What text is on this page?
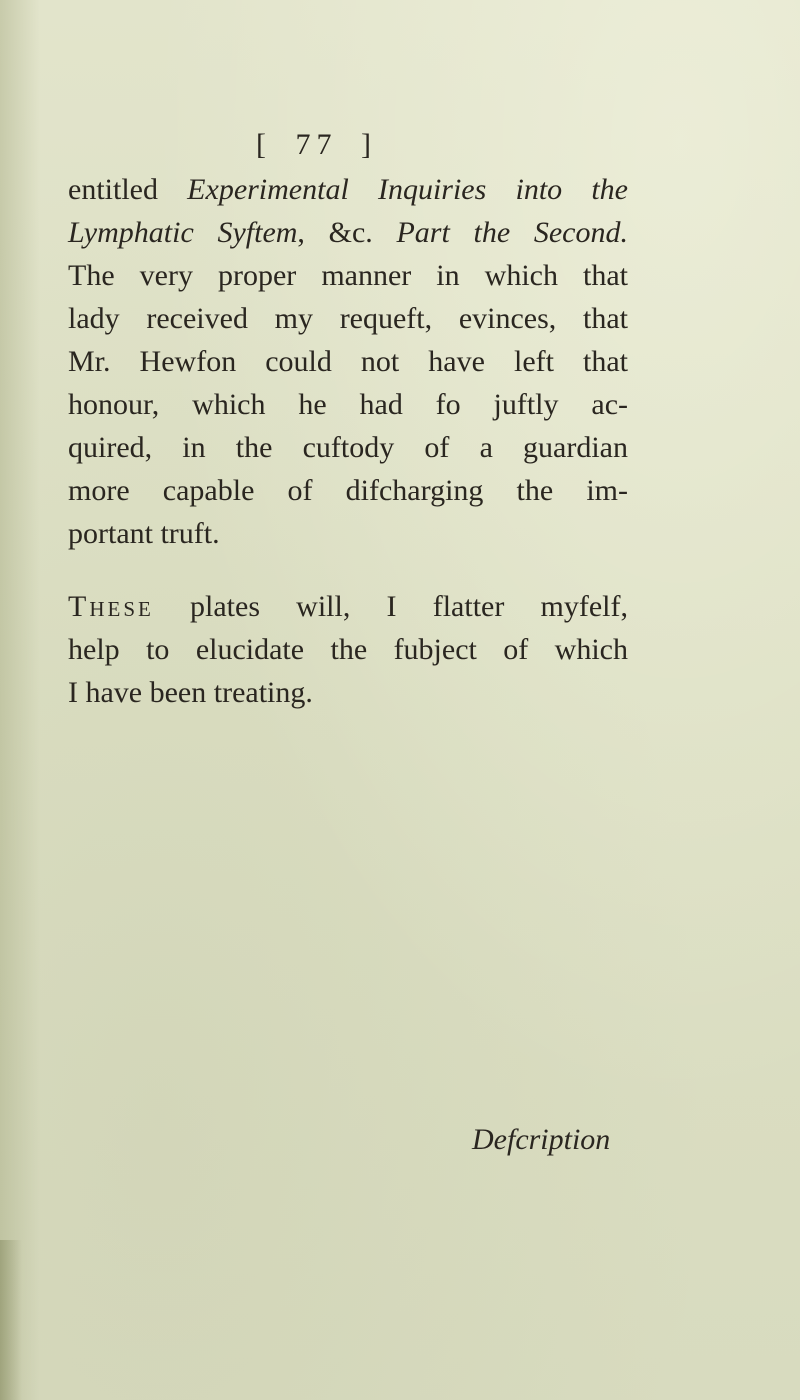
[ 77 ]
entitled Experimental Inquiries into the
Lymphatic Syftem, &c. Part the Second.
The very proper manner in which that
lady received my requeft, evinces, that
Mr. Hewfon could not have left that
honour, which he had fo juftly ac-
quired, in the cuftody of a guardian
more capable of difcharging the im-
portant truft.
These plates will, I flatter myfelf,
help to elucidate the fubject of which
I have been treating.
Defcription
